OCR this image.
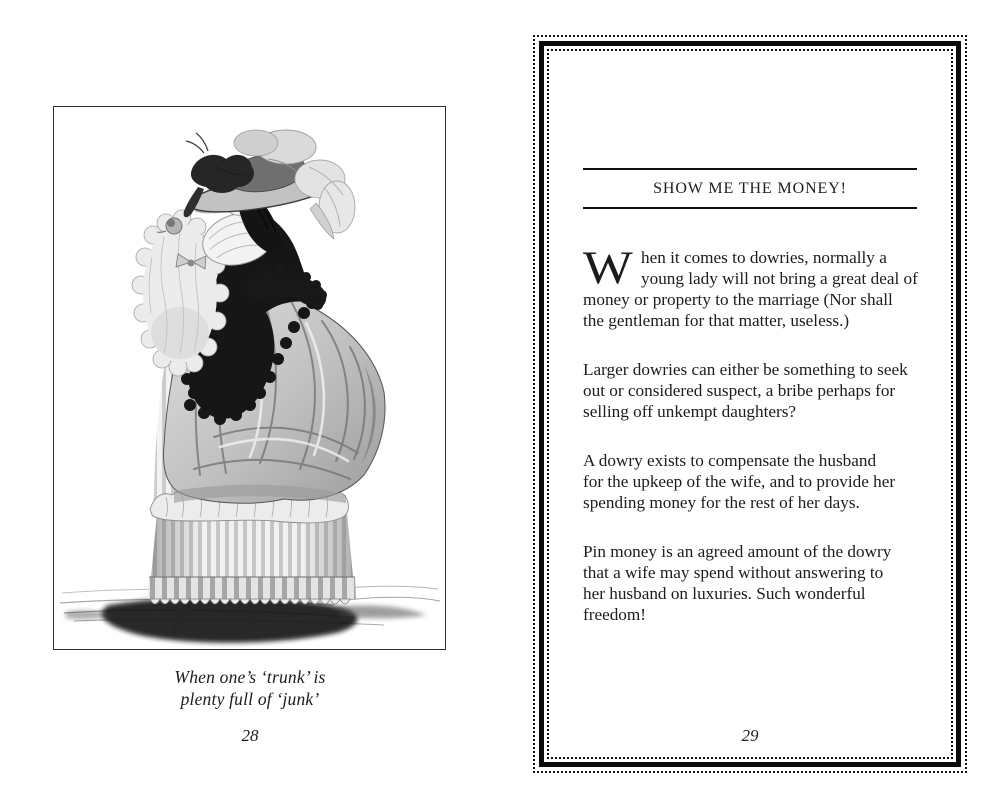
When one’s ‘trunk’ is
plenty full of ‘junk’
28
SHOW ME THE MONEY!
W hen it comes to dowries, normally a
young lady will not bring a great deal of
money or property to the marriage (Nor shall
the gentleman for that matter, useless.)
Larger dowries can either be something to seek
out or considered suspect, a bribe perhaps for
selling off unkempt daughters?
A dowry exists to compensate the husband
for the upkeep of the wife, and to provide her
spending money for the rest of her days.
Pin money is an agreed amount of the dowry
that a wife may spend without answering to
her husband on luxuries. Such wonderful
freedom!
29
